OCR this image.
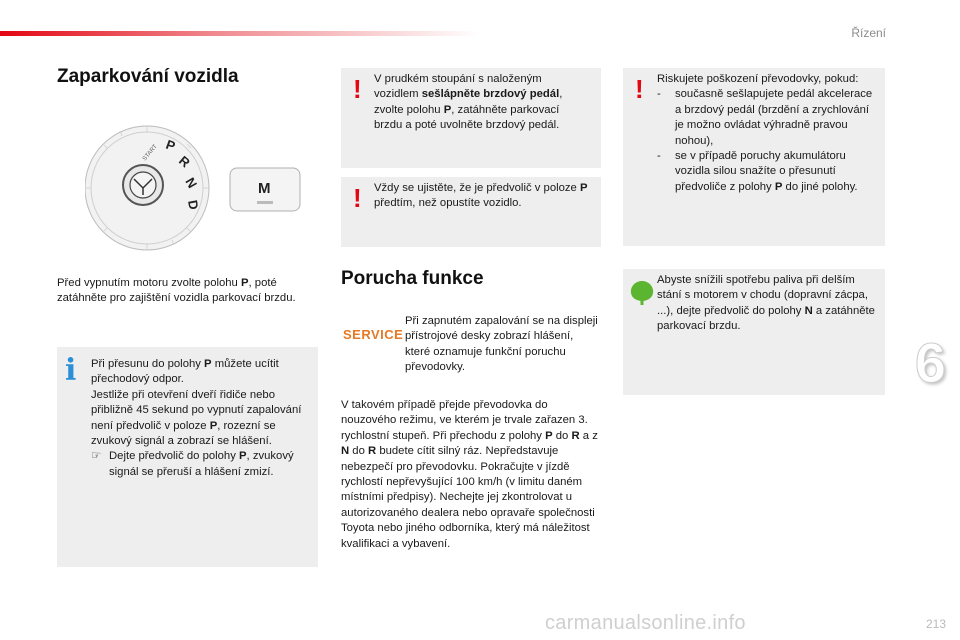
Řízení
Zaparkování vozidla
P
R
N
D
START
M
Před vypnutím motoru zvolte polohu P, poté zatáhněte pro zajištění vozidla parkovací brzdu.
i Při přesunu do polohy P můžete ucítit přechodový odpor.

Jestliže při otevření dveří řidiče nebo přibližně 45 sekund po vypnutí zapalování není předvolič v poloze P, rozezní se zvukový signál a zobrazí se hlášení.

☞ Dejte předvolič do polohy P, zvukový signál se přeruší a hlášení zmizí.
! V prudkém stoupání s naloženým vozidlem sešlápněte brzdový pedál, zvolte polohu P, zatáhněte parkovací brzdu a poté uvolněte brzdový pedál.

! Vždy se ujistěte, že je předvolič v poloze P předtím, než opustíte vozidlo.

Porucha funkce
SERVICE

Při zapnutém zapalování se na displeji přístrojové desky zobrazí hlášení, které oznamuje funkční poruchu převodovky.

V takovém případě přejde převodovka do nouzového režimu, ve kterém je trvale zařazen 3. rychlostní stupeň. Při přechodu z polohy P do R a z N do R budete cítit silný ráz. Nepředstavuje nebezpečí pro převodovku. Pokračujte v jízdě rychlostí nepřevyšující 100 km/h (v limitu daném místními předpisy). Nechejte jej zkontrolovat u autorizovaného dealera nebo opravaře společnosti Toyota nebo jiného odborníka, který má náležitost kvalifikaci a vybavení.

! Riskujete poškození převodovky, pokud:

-	současně sešlapujete pedál akcelerace a brzdový pedál (brzdění a zrychlování je možno ovládat výhradně pravou nohou),
-	se v případě poruchy akumulátoru vozidla silou snažíte o přesunutí předvoliče z polohy P do jiné polohy.

Abyste snížili spotřebu paliva při delším stání s motorem v chodu (dopravní zácpa, ...), dejte předvolič do polohy N a zatáhněte parkovací brzdu.

6
carmanualsonline.info	213
